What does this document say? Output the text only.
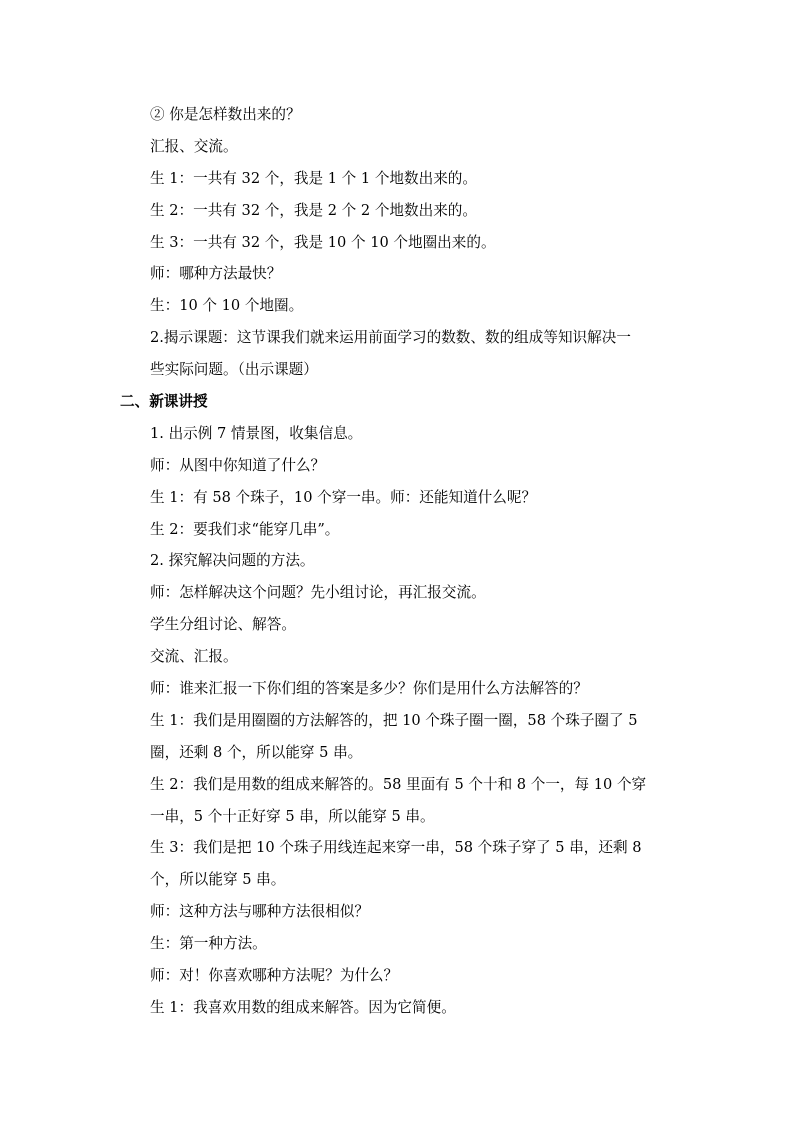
② 你是怎样数出来的？
汇报、交流。
生 1：一共有 32 个，我是 1 个 1 个地数出来的。
生 2：一共有 32 个，我是 2 个 2 个地数出来的。
生 3：一共有 32 个，我是 10 个 10 个地圈出来的。
师：哪种方法最快？
生：10 个 10 个地圈。
2.揭示课题：这节课我们就来运用前面学习的数数、数的组成等知识解决一
些实际问题。（出示课题）
二、新课讲授
1. 出示例 7 情景图，收集信息。
师：从图中你知道了什么？
生 1：有 58 个珠子，10 个穿一串。师：还能知道什么呢？
生 2：要我们求“能穿几串”。
2. 探究解决问题的方法。
师：怎样解决这个问题？先小组讨论，再汇报交流。
学生分组讨论、解答。
交流、汇报。
师：谁来汇报一下你们组的答案是多少？你们是用什么方法解答的？
生 1：我们是用圈圈的方法解答的，把 10 个珠子圈一圈，58 个珠子圈了 5
圈，还剩 8 个，所以能穿 5 串。
生 2：我们是用数的组成来解答的。58 里面有 5 个十和 8 个一，每 10 个穿
一串，5 个十正好穿 5 串，所以能穿 5 串。
生 3：我们是把 10 个珠子用线连起来穿一串，58 个珠子穿了 5 串，还剩 8
个，所以能穿 5 串。
师：这种方法与哪种方法很相似？
生：第一种方法。
师：对！你喜欢哪种方法呢？为什么？
生 1：我喜欢用数的组成来解答。因为它简便。
